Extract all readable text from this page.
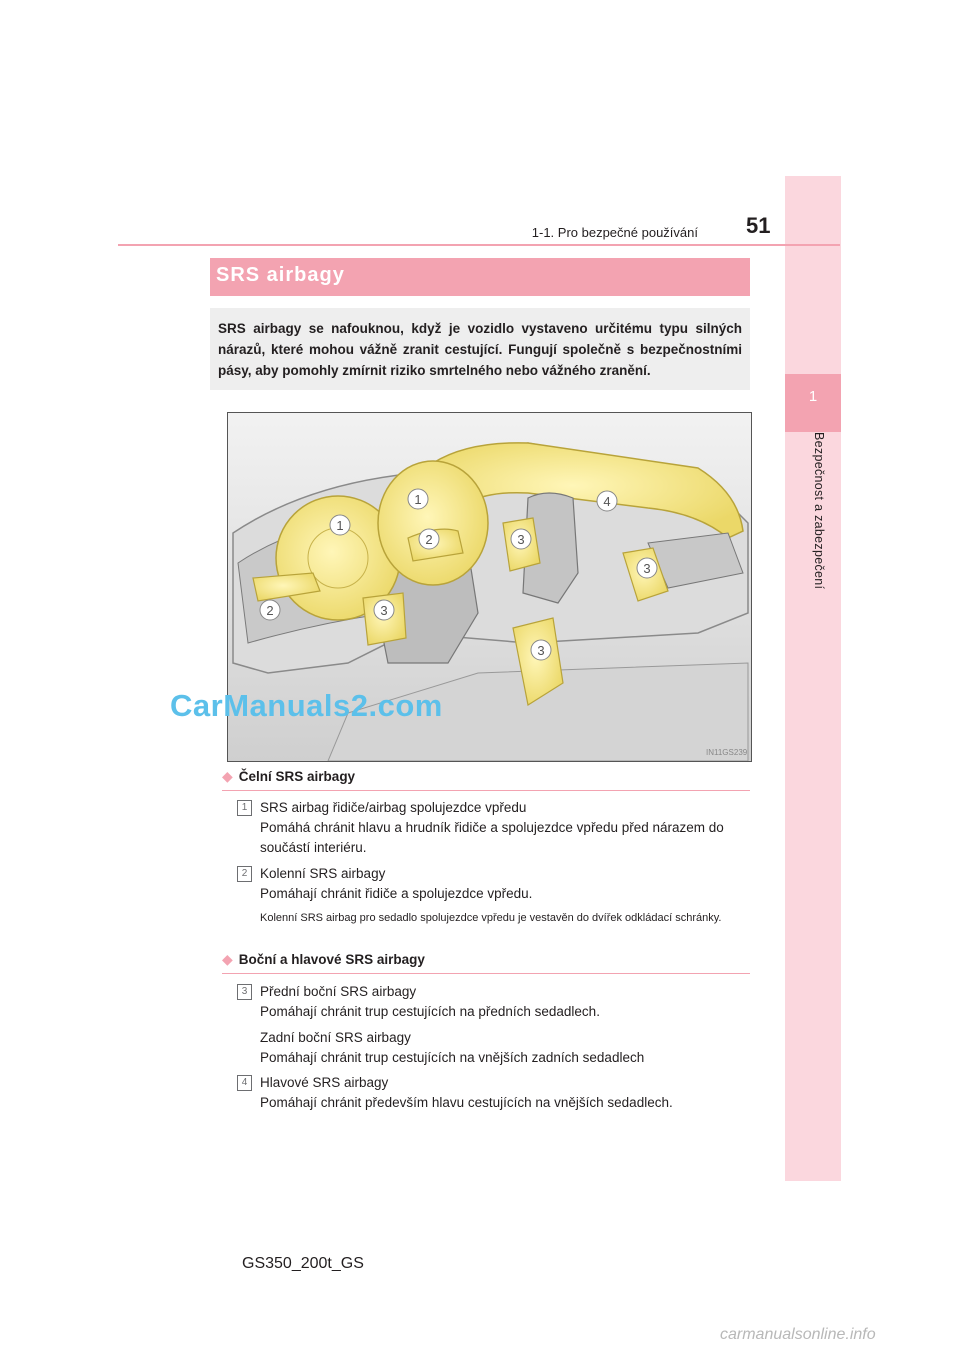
1
Bezpečnost a zabezpečení
1-1. Pro bezpečné používání 51
SRS airbagy
SRS airbagy se nafouknou, když je vozidlo vystaveno určitému typu silných nárazů, které mohou vážně zranit cestující. Fungují společně s bezpečnostními pásy, aby pomohly zmírnit riziko smrtelného nebo vážného zranění.
1
1
2
2
3
3
3
3
4
IN11GS239
CarManuals2.com
◆ Čelní SRS airbagy
1 SRS airbag řidiče/airbag spolujezdce vpředu
Pomáhá chránit hlavu a hrudník řidiče a spolujezdce vpředu před nárazem do součástí interiéru.
2 Kolenní SRS airbagy
Pomáhají chránit řidiče a spolujezdce vpředu.
Kolenní SRS airbag pro sedadlo spolujezdce vpředu je vestavěn do dvířek odkládací schránky.
◆ Boční a hlavové SRS airbagy
3 Přední boční SRS airbagy
Pomáhají chránit trup cestujících na předních sedadlech.
Zadní boční SRS airbagy
Pomáhají chránit trup cestujících na vnějších zadních sedadlech
4 Hlavové SRS airbagy
Pomáhají chránit především hlavu cestujících na vnějších sedadlech.
GS350_200t_GS
carmanualsonline.info
